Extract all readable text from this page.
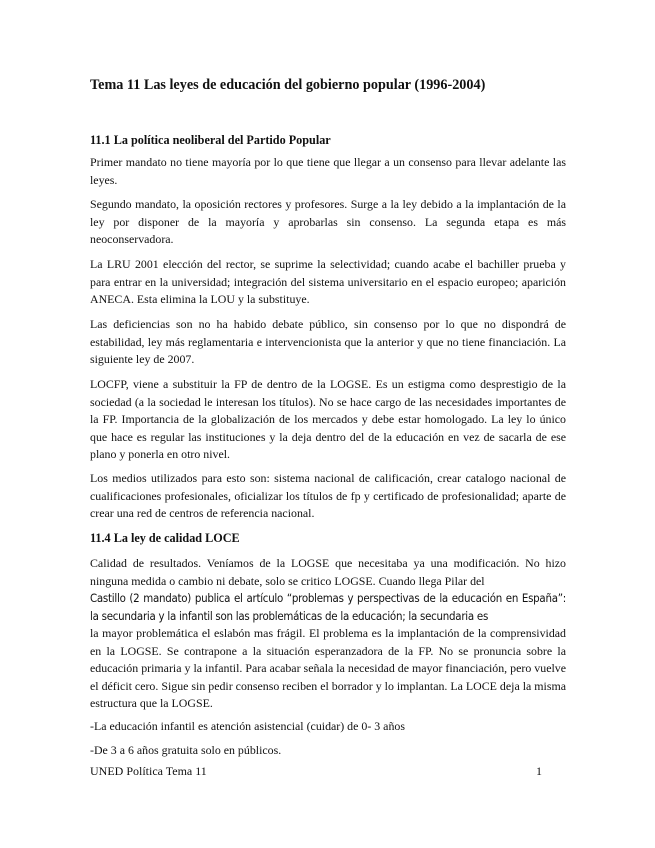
Tema 11 Las leyes de educación del gobierno popular (1996-2004)
11.1 La política neoliberal del Partido Popular

Primer mandato no tiene mayoría por lo que tiene que llegar a un consenso para llevar adelante las leyes.

Segundo mandato, la oposición rectores y profesores. Surge a la ley debido a la implantación de la ley por disponer de la mayoría y aprobarlas sin consenso. La segunda etapa es más neoconservadora.

La LRU 2001 elección del rector, se suprime la selectividad; cuando acabe el bachiller prueba y para entrar en la universidad; integración del sistema universitario en el espacio europeo; aparición ANECA. Esta elimina la LOU y la substituye.

Las deficiencias son no ha habido debate público, sin consenso por lo que no dispondrá de estabilidad, ley más reglamentaria e intervencionista que la anterior y que no tiene financiación. La siguiente ley de 2007.

LOCFP, viene a substituir la FP de dentro de la LOGSE. Es un estigma como desprestigio de la sociedad (a la sociedad le interesan los títulos). No se hace cargo de las necesidades importantes de la FP. Importancia de la globalización de los mercados y debe estar homologado. La ley lo único que hace es regular las instituciones y la deja dentro del de la educación en vez de sacarla de ese plano y ponerla en otro nivel.

Los medios utilizados para esto son: sistema nacional de calificación, crear catalogo nacional de cualificaciones profesionales, oficializar los títulos de fp y certificado de profesionalidad; aparte de crear una red de centros de referencia nacional.

11.4 La ley de calidad LOCE

Calidad de resultados. Veníamos de la LOGSE que necesitaba ya una modificación. No hizo ninguna medida o cambio ni debate, solo se critico LOGSE. Cuando llega Pilar del

Castillo (2 mandato) publica el artículo “problemas y perspectivas de la educación en España”: la secundaria y la infantil son las problemáticas de la educación; la secundaria es

la mayor problemática el eslabón mas frágil. El problema es la implantación de la comprensividad en la LOGSE. Se contrapone a la situación esperanzadora de la FP. No se pronuncia sobre la educación primaria y la infantil. Para acabar señala la necesidad de mayor financiación, pero vuelve el déficit cero. Sigue sin pedir consenso reciben el borrador y lo implantan. La LOCE deja la misma estructura que la LOGSE.

-La educación infantil es atención asistencial (cuidar) de 0- 3 años

-De 3 a 6 años gratuita solo en públicos.

UNED Política Tema 11	1
